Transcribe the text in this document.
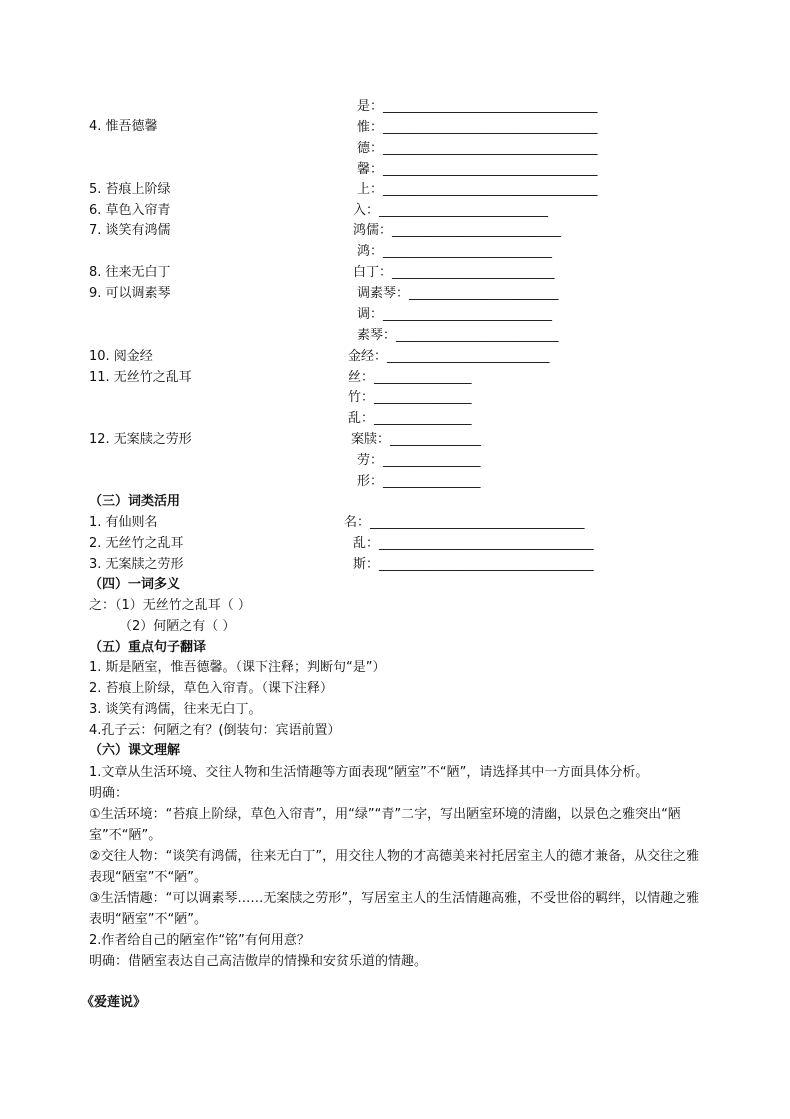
4. 惟吾德馨
5. 苔痕上阶绿
6. 草色入帘青
7. 谈笑有鸿儒
8. 往来无白丁
9. 可以调素琴
10. 阅金经
11. 无丝竹之乱耳
12. 无案牍之劳形
是：_________________________________
惟：_________________________________
德：_________________________________
馨：_________________________________
上：_________________________________
入：__________________________
鸿儒：__________________________
鸿：__________________________
白丁：_________________________
调素琴：_______________________
调：__________________________
素琴：_________________________
金经：_________________________
丝：_______________
竹：_______________
乱：_______________
案牍：______________
劳：_______________
形：_______________
（三）词类活用
1. 有仙则名
2. 无丝竹之乱耳
3. 无案牍之劳形
名：_________________________________
乱：_________________________________
斯：_________________________________
（四）一词多义
之：（1）无丝竹之乱耳（ ）
（2）何陋之有（ ）
（五）重点句子翻译
1. 斯是陋室，惟吾德馨。（课下注释；判断句“是”）
2. 苔痕上阶绿，草色入帘青。（课下注释）
3. 谈笑有鸿儒，往来无白丁。
4.孔子云：何陋之有？(倒装句：宾语前置）
（六）课文理解

1.文章从生活环境、交往人物和生活情趣等方面表现“陋室”不“陋”，请选择其中一方面具体分析。

明确：

①生活环境：“苔痕上阶绿，草色入帘青”，用“绿”“青”二字，写出陋室环境的清幽，以景色之雅突出“陋室”不“陋”。

②交往人物：“谈笑有鸿儒，往来无白丁”，用交往人物的才高德美来衬托居室主人的德才兼备，从交往之雅表现“陋室”不“陋”。

③生活情趣：“可以调素琴……无案牍之劳形”，写居室主人的生活情趣高雅，不受世俗的羁绊，以情趣之雅表明“陋室”不“陋”。

2.作者给自己的陋室作“铭”有何用意？

明确：借陋室表达自己高洁傲岸的情操和安贫乐道的情趣。

《爱莲说》
